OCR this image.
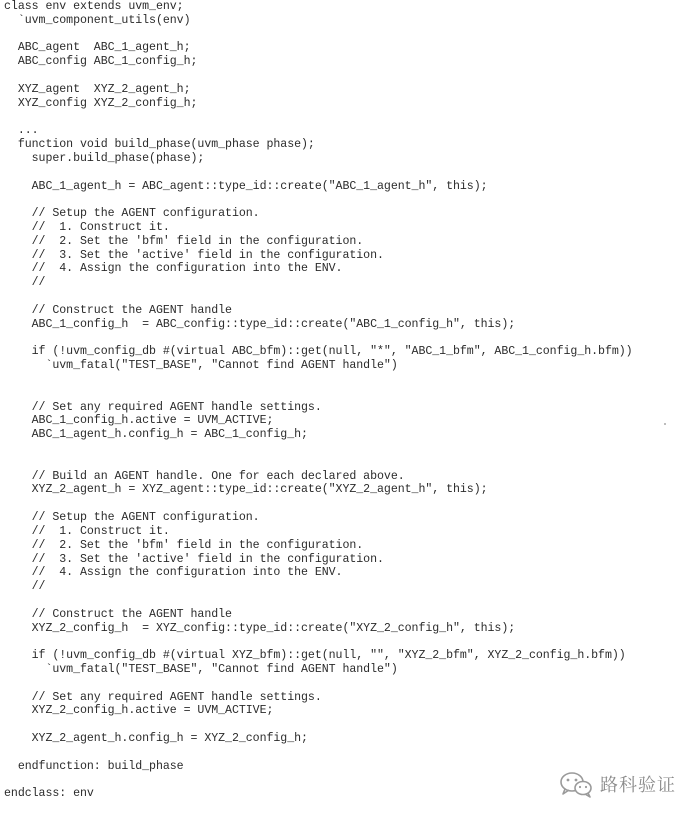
class env extends uvm_env;
`uvm_component_utils(env)
ABC_agent  ABC_1_agent_h;
ABC_config ABC_1_config_h;
XYZ_agent  XYZ_2_agent_h;
XYZ_config XYZ_2_config_h;
...
function void build_phase(uvm_phase phase);
super.build_phase(phase);
ABC_1_agent_h = ABC_agent::type_id::create("ABC_1_agent_h", this);
// Setup the AGENT configuration.
//  1. Construct it.
//  2. Set the 'bfm' field in the configuration.
//  3. Set the 'active' field in the configuration.
//  4. Assign the configuration into the ENV.
//
// Construct the AGENT handle
ABC_1_config_h  = ABC_config::type_id::create("ABC_1_config_h", this);
if (!uvm_config_db #(virtual ABC_bfm)::get(null, "*", "ABC_1_bfm", ABC_1_config_h.bfm))
`uvm_fatal("TEST_BASE", "Cannot find AGENT handle")
// Set any required AGENT handle settings.
ABC_1_config_h.active = UVM_ACTIVE;
ABC_1_agent_h.config_h = ABC_1_config_h;
// Build an AGENT handle. One for each declared above.
XYZ_2_agent_h = XYZ_agent::type_id::create("XYZ_2_agent_h", this);
// Setup the AGENT configuration.
//  1. Construct it.
//  2. Set the 'bfm' field in the configuration.
//  3. Set the 'active' field in the configuration.
//  4. Assign the configuration into the ENV.
//
// Construct the AGENT handle
XYZ_2_config_h  = XYZ_config::type_id::create("XYZ_2_config_h", this);
if (!uvm_config_db #(virtual XYZ_bfm)::get(null, "", "XYZ_2_bfm", XYZ_2_config_h.bfm))
`uvm_fatal("TEST_BASE", "Cannot find AGENT handle")
// Set any required AGENT handle settings.
XYZ_2_config_h.active = UVM_ACTIVE;
XYZ_2_agent_h.config_h = XYZ_2_config_h;
endfunction: build_phase
endclass: env	路科验证
